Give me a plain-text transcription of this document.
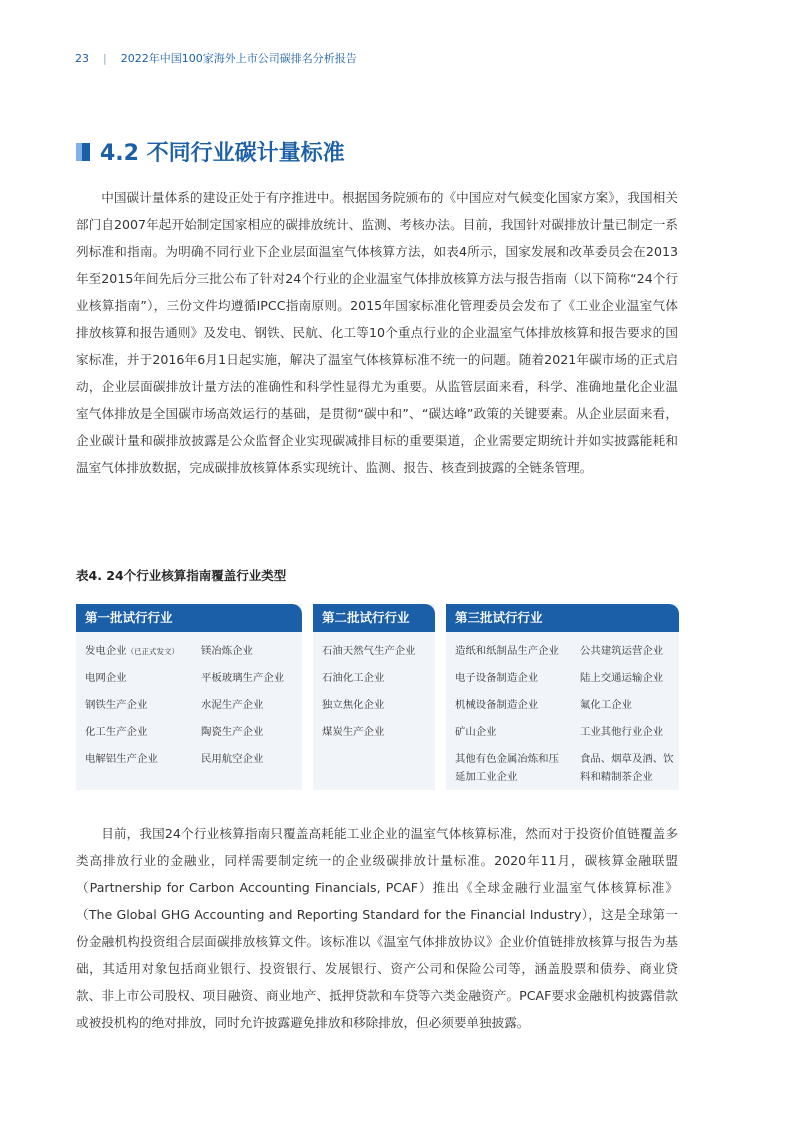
23 | 2022年中国100家海外上市公司碳排名分析报告
4.2 不同行业碳计量标准

中国碳计量体系的建设正处于有序推进中。根据国务院颁布的《中国应对气候变化国家方案》，我国相关部门自2007年起开始制定国家相应的碳排放统计、监测、考核办法。目前，我国针对碳排放计量已制定一系列标准和指南。为明确不同行业下企业层面温室气体核算方法，如表4所示，国家发展和改革委员会在2013年至2015年间先后分三批公布了针对24个行业的企业温室气体排放核算方法与报告指南（以下简称“24个行业核算指南”），三份文件均遵循IPCC指南原则。2015年国家标准化管理委员会发布了《工业企业温室气体排放核算和报告通则》及发电、钢铁、民航、化工等10个重点行业的企业温室气体排放核算和报告要求的国家标准，并于2016年6月1日起实施，解决了温室气体核算标准不统一的问题。随着2021年碳市场的正式启动，企业层面碳排放计量方法的准确性和科学性显得尤为重要。从监管层面来看，科学、准确地量化企业温室气体排放是全国碳市场高效运行的基础，是贯彻“碳中和”、“碳达峰”政策的关键要素。从企业层面来看，企业碳计量和碳排放披露是公众监督企业实现碳减排目标的重要渠道，企业需要定期统计并如实披露能耗和温室气体排放数据，完成碳排放核算体系实现统计、监测、报告、核查到披露的全链条管理。

表4. 24个行业核算指南覆盖行业类型
第一批试行行业
发电企业（已正式发文）
电网企业
钢铁生产企业
化工生产企业
电解铝生产企业
镁冶炼企业
平板玻璃生产企业
水泥生产企业
陶瓷生产企业
民用航空企业
第二批试行行业
石油天然气生产企业
石油化工企业
独立焦化企业
煤炭生产企业
第三批试行行业
造纸和纸制品生产企业
电子设备制造企业
机械设备制造企业
矿山企业
其他有色金属冶炼和压延加工业企业
公共建筑运营企业
陆上交通运输企业
氟化工企业
工业其他行业企业
食品、烟草及酒、饮料和精制茶企业

目前，我国24个行业核算指南只覆盖高耗能工业企业的温室气体核算标准，然而对于投资价值链覆盖多类高排放行业的金融业，同样需要制定统一的企业级碳排放计量标准。2020年11月，碳核算金融联盟（Partnership for Carbon Accounting Financials, PCAF）推出《全球金融行业温室气体核算标准》（The Global GHG Accounting and Reporting Standard for the Financial Industry），这是全球第一份金融机构投资组合层面碳排放核算文件。该标准以《温室气体排放协议》企业价值链排放核算与报告为基础，其适用对象包括商业银行、投资银行、发展银行、资产公司和保险公司等，涵盖股票和债券、商业贷款、非上市公司股权、项目融资、商业地产、抵押贷款和车贷等六类金融资产。PCAF要求金融机构披露借款或被投机构的绝对排放，同时允许披露避免排放和移除排放，但必须要单独披露。
